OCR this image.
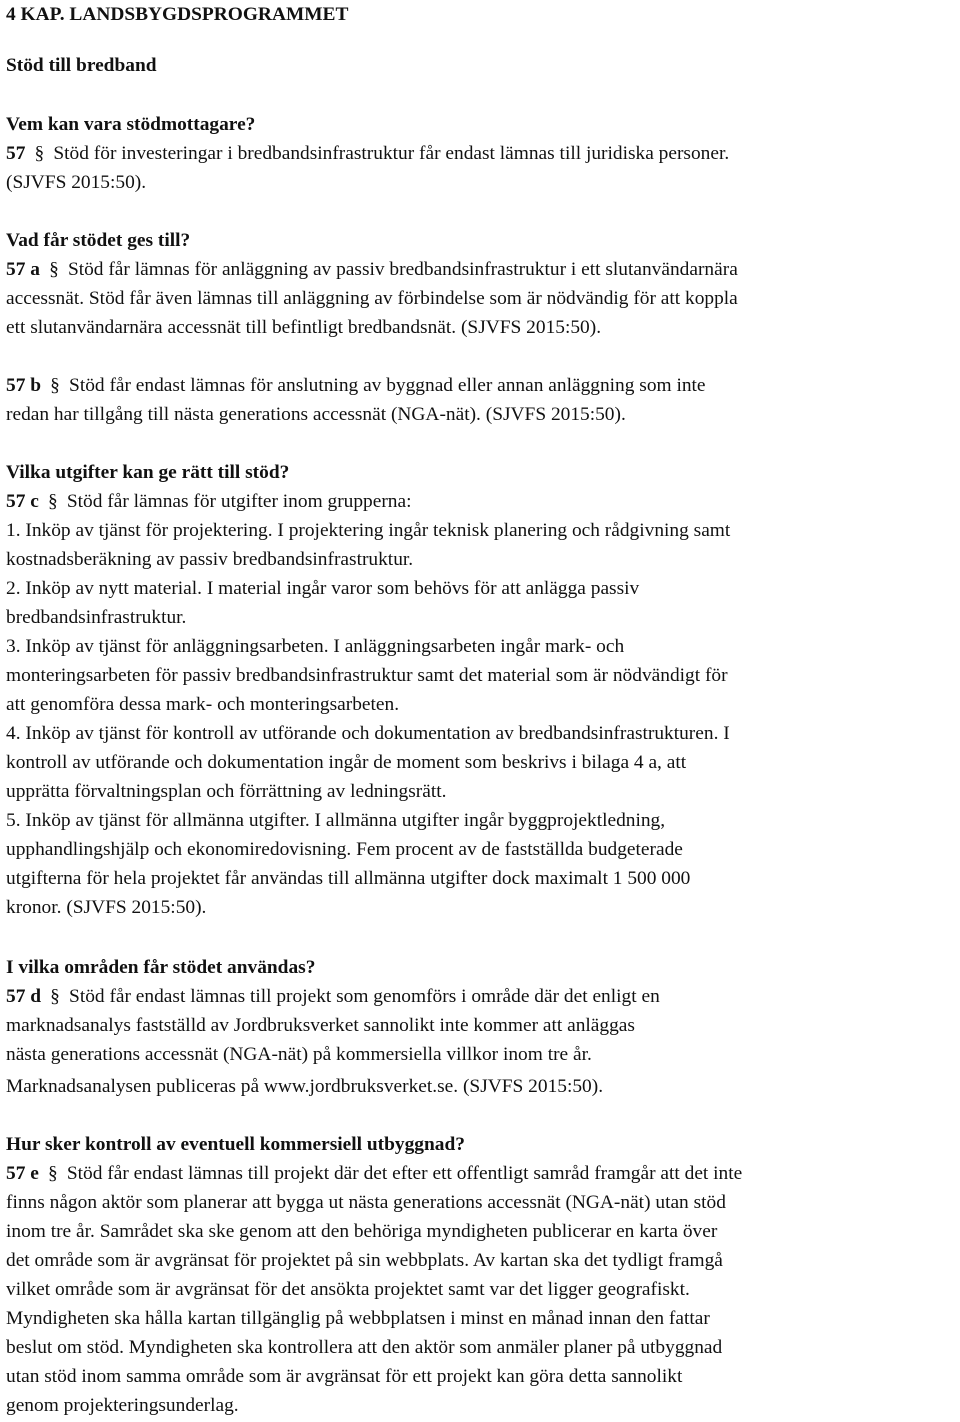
4 KAP. LANDSBYGDSPROGRAMMET
Stöd till bredband
Vem kan vara stödmottagare?
57 § Stöd för investeringar i bredbandsinfrastruktur får endast lämnas till juridiska personer.
(SJVFS 2015:50).
Vad får stödet ges till?
57 a § Stöd får lämnas för anläggning av passiv bredbandsinfrastruktur i ett slutanvändarnära
accessnät. Stöd får även lämnas till anläggning av förbindelse som är nödvändig för att koppla
ett slutanvändarnära accessnät till befintligt bredbandsnät. (SJVFS 2015:50).
57 b § Stöd får endast lämnas för anslutning av byggnad eller annan anläggning som inte
redan har tillgång till nästa generations accessnät (NGA-nät). (SJVFS 2015:50).
Vilka utgifter kan ge rätt till stöd?
57 c § Stöd får lämnas för utgifter inom grupperna:
1. Inköp av tjänst för projektering. I projektering ingår teknisk planering och rådgivning samt
kostnadsberäkning av passiv bredbandsinfrastruktur.
2. Inköp av nytt material. I material ingår varor som behövs för att anlägga passiv
bredbandsinfrastruktur.
3. Inköp av tjänst för anläggningsarbeten. I anläggningsarbeten ingår mark- och
monteringsarbeten för passiv bredbandsinfrastruktur samt det material som är nödvändigt för
att genomföra dessa mark- och monteringsarbeten.
4. Inköp av tjänst för kontroll av utförande och dokumentation av bredbandsinfrastrukturen. I
kontroll av utförande och dokumentation ingår de moment som beskrivs i bilaga 4 a, att
upprätta förvaltningsplan och förrättning av ledningsrätt.
5. Inköp av tjänst för allmänna utgifter. I allmänna utgifter ingår byggprojektledning,
upphandlingshjälp och ekonomiredovisning. Fem procent av de fastställda budgeterade
utgifterna för hela projektet får användas till allmänna utgifter dock maximalt 1 500 000
kronor. (SJVFS 2015:50).
I vilka områden får stödet användas?
57 d § Stöd får endast lämnas till projekt som genomförs i område där det enligt en
marknadsanalys fastställd av Jordbruksverket sannolikt inte kommer att anläggas
nästa generations accessnät (NGA-nät) på kommersiella villkor inom tre år.
Marknadsanalysen publiceras på www.jordbruksverket.se. (SJVFS 2015:50).
Hur sker kontroll av eventuell kommersiell utbyggnad?
57 e § Stöd får endast lämnas till projekt där det efter ett offentligt samråd framgår att det inte
finns någon aktör som planerar att bygga ut nästa generations accessnät (NGA-nät) utan stöd
inom tre år. Samrådet ska ske genom att den behöriga myndigheten publicerar en karta över
det område som är avgränsat för projektet på sin webbplats. Av kartan ska det tydligt framgå
vilket område som är avgränsat för det ansökta projektet samt var det ligger geografiskt.
Myndigheten ska hålla kartan tillgänglig på webbplatsen i minst en månad innan den fattar
beslut om stöd. Myndigheten ska kontrollera att den aktör som anmäler planer på utbyggnad
utan stöd inom samma område som är avgränsat för ett projekt kan göra detta sannolikt
genom projekteringsunderlag.
